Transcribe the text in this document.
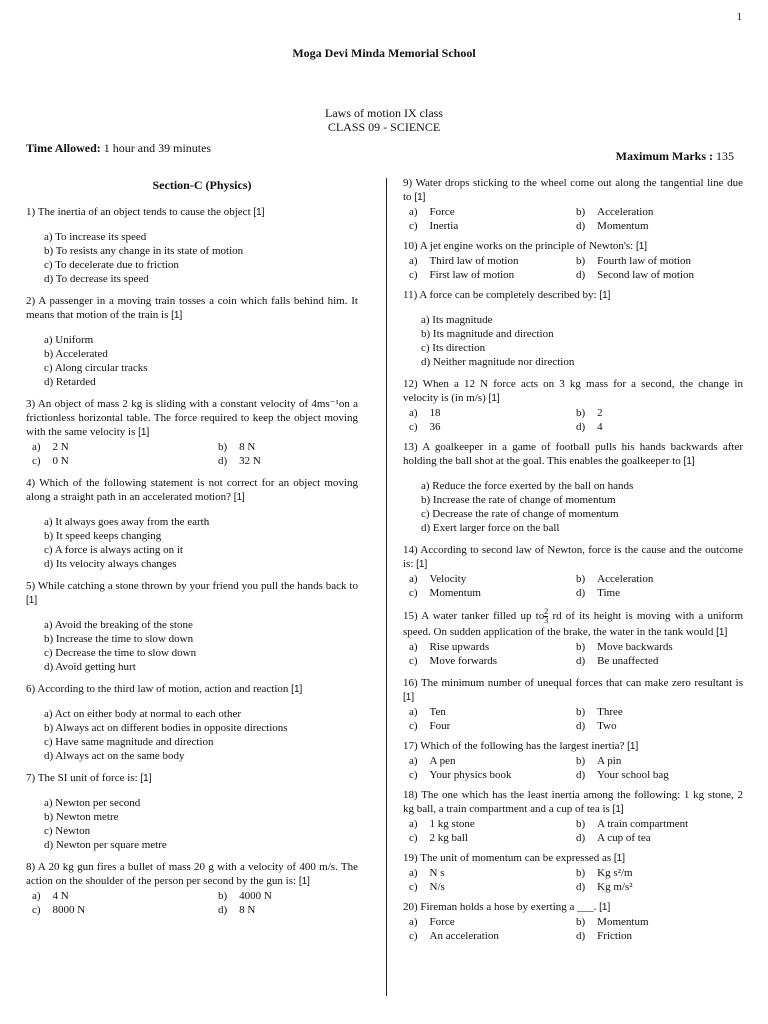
1
Moga Devi Minda Memorial School
Laws of motion IX class
CLASS 09 - SCIENCE
Time Allowed: 1 hour and 39 minutes
Maximum Marks : 135
Section-C (Physics)
1) The inertia of an object tends to cause the object [1]
a) To increase its speed
b) To resists any change in its state of motion
c) To decelerate due to friction
d) To decrease its speed
2) A passenger in a moving train tosses a coin which falls behind him. It means that motion of the train is [1]
a) Uniform
b) Accelerated
c) Along circular tracks
d) Retarded
3) An object of mass 2 kg is sliding with a constant velocity of 4ms⁻¹on a frictionless horizontal table. The force required to keep the object moving with the same velocity is [1]
a) 2 N	b) 8 N
c) 0 N	d) 32 N
4) Which of the following statement is not correct for an object moving along a straight path in an accelerated motion? [1]
a) It always goes away from the earth
b) It speed keeps changing
c) A force is always acting on it
d) Its velocity always changes
5) While catching a stone thrown by your friend you pull the hands back to [1]
a) Avoid the breaking of the stone
b) Increase the time to slow down
c) Decrease the time to slow down
d) Avoid getting hurt
6) According to the third law of motion, action and reaction [1]
a) Act on either body at normal to each other
b) Always act on different bodies in opposite directions
c) Have same magnitude and direction
d) Always act on the same body
7) The SI unit of force is: [1]
a) Newton per second
b) Newton metre
c) Newton
d) Newton per square metre
8) A 20 kg gun fires a bullet of mass 20 g with a velocity of 400 m/s. The action on the shoulder of the person per second by the gun is: [1]
a) 4 N	b) 4000 N
c) 8000 N	d) 8 N
9) Water drops sticking to the wheel come out along the tangential line due to [1]
a) Force	b) Acceleration
c) Inertia	d) Momentum
10) A jet engine works on the principle of Newton's: [1]
a) Third law of motion	b) Fourth law of motion
c) First law of motion	d) Second law of motion
11) A force can be completely described by: [1]
a) Its magnitude
b) Its magnitude and direction
c) Its direction
d) Neither magnitude nor direction
12) When a 12 N force acts on 3 kg mass for a second, the change in velocity is (in m/s) [1]
a) 18	b) 2
c) 36	d) 4
13) A goalkeeper in a game of football pulls his hands backwards after holding the ball shot at the goal. This enables the goalkeeper to [1]
a) Reduce the force exerted by the ball on hands
b) Increase the rate of change of momentum
c) Decrease the rate of change of momentum
d) Exert larger force on the ball
14) According to second law of Newton, force is the cause and the outcome is: [1]
a) Velocity	b) Acceleration
c) Momentum	d) Time
15) A water tanker filled up to $\frac{2}{3}$ rd of its height is moving with a uniform speed. On sudden application of the brake, the water in the tank would [1]
a) Rise upwards	b) Move backwards
c) Move forwards	d) Be unaffected
16) The minimum number of unequal forces that can make zero resultant is [1]
a) Ten	b) Three
c) Four	d) Two
17) Which of the following has the largest inertia? [1]
a) A pen	b) A pin
c) Your physics book	d) Your school bag
18) The one which has the least inertia among the following: 1 kg stone, 2 kg ball, a train compartment and a cup of tea is [1]
a) 1 kg stone	b) A train compartment
c) 2 kg ball	d) A cup of tea
19) The unit of momentum can be expressed as [1]
a) N s	b) Kg s²/m
c) N/s	d) Kg m/s²
20) Fireman holds a hose by exerting a ___. [1]
a) Force	b) Momentum
c) An acceleration	d) Friction
